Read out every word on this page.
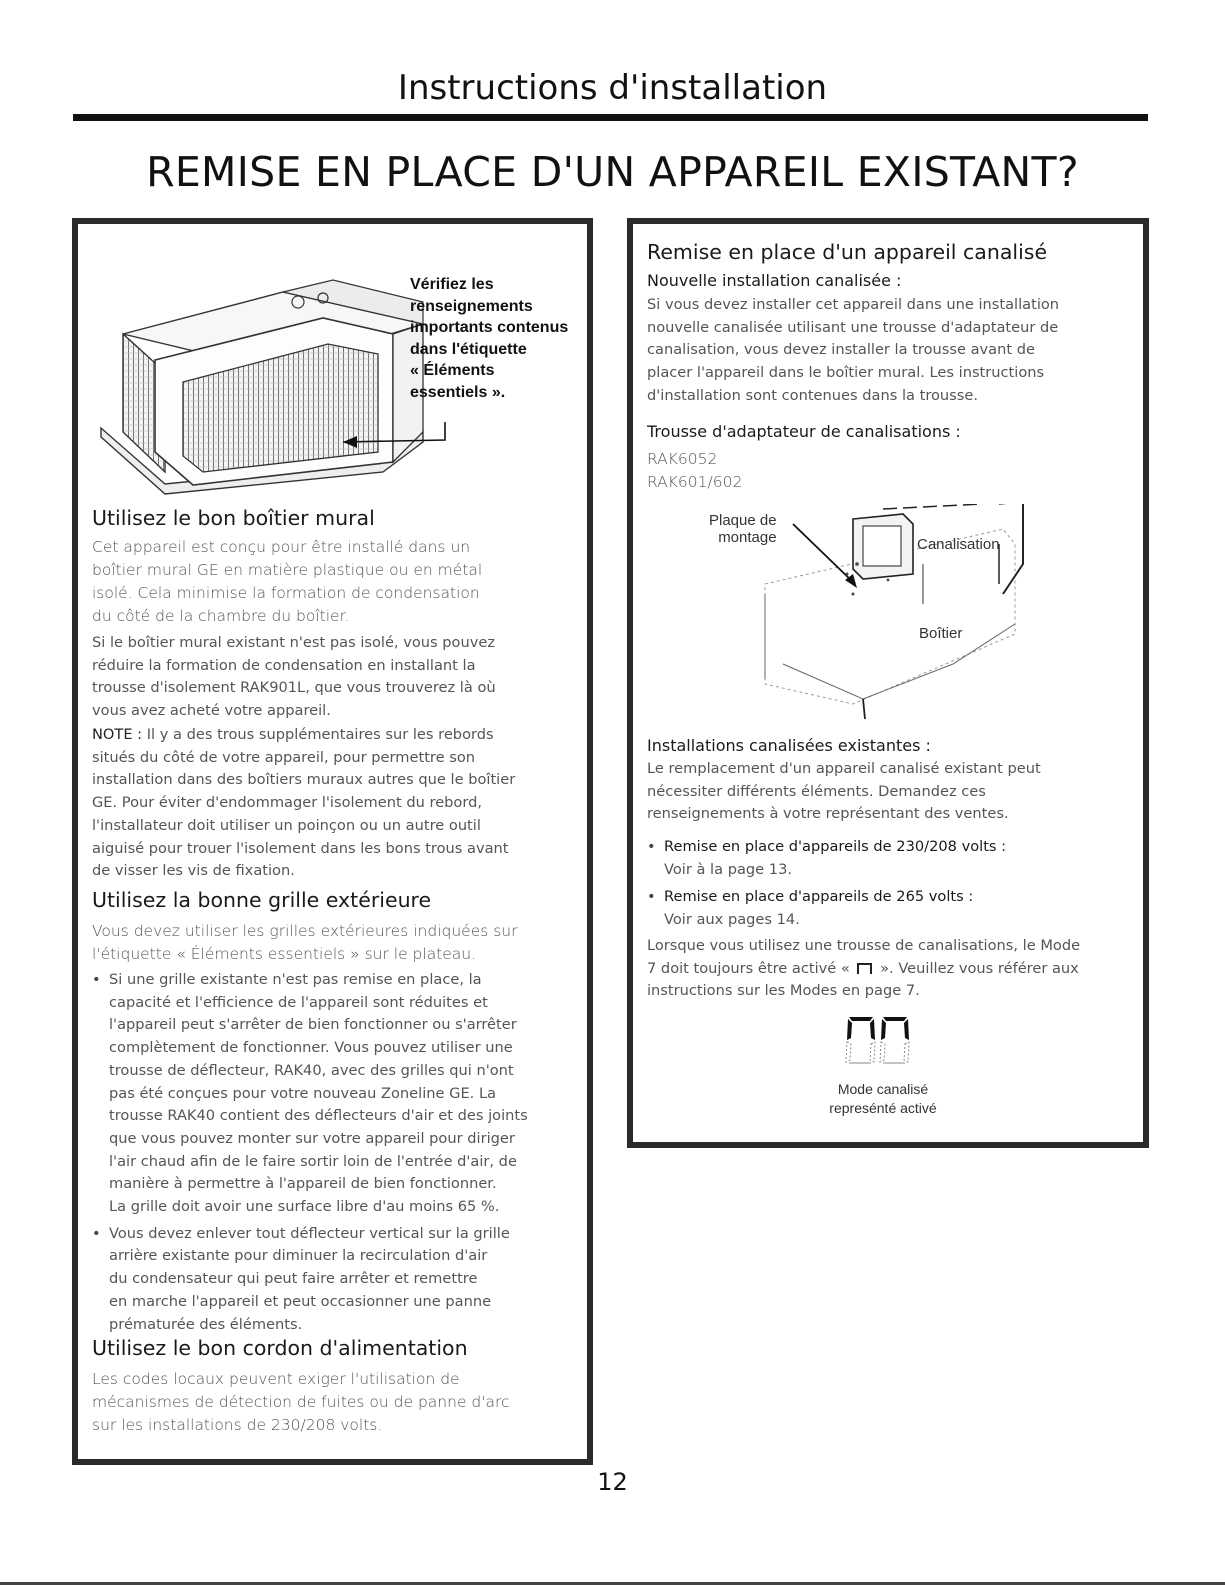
Instructions d'installation
REMISE EN PLACE D'UN APPAREIL EXISTANT?
Vérifiez les
renseignements
importants contenus
dans l'étiquette
« Éléments
essentiels ».
Utilisez le bon boîtier mural
Cet appareil est conçu pour être installé dans un
boîtier mural GE en matière plastique ou en métal
isolé. Cela minimise la formation de condensation
du côté de la chambre du boîtier.
Si le boîtier mural existant n'est pas isolé, vous pouvez
réduire la formation de condensation en installant la
trousse d'isolement RAK901L, que vous trouverez là où
vous avez acheté votre appareil.
NOTE : Il y a des trous supplémentaires sur les rebords
situés du côté de votre appareil, pour permettre son
installation dans des boîtiers muraux autres que le boîtier
GE. Pour éviter d'endommager l'isolement du rebord,
l'installateur doit utiliser un poinçon ou un autre outil
aiguisé pour trouer l'isolement dans les bons trous avant
de visser les vis de fixation.
Utilisez la bonne grille extérieure
Vous devez utiliser les grilles extérieures indiquées sur
l'étiquette « Éléments essentiels » sur le plateau.
• Si une grille existante n'est pas remise en place, la
capacité et l'efficience de l'appareil sont réduites et
l'appareil peut s'arrêter de bien fonctionner ou s'arrêter
complètement de fonctionner. Vous pouvez utiliser une
trousse de déflecteur, RAK40, avec des grilles qui n'ont
pas été conçues pour votre nouveau Zoneline GE. La
trousse RAK40 contient des déflecteurs d'air et des joints
que vous pouvez monter sur votre appareil pour diriger
l'air chaud afin de le faire sortir loin de l'entrée d'air, de
manière à permettre à l'appareil de bien fonctionner.
La grille doit avoir une surface libre d'au moins 65 %.
• Vous devez enlever tout déflecteur vertical sur la grille
arrière existante pour diminuer la recirculation d'air
du condensateur qui peut faire arrêter et remettre
en marche l'appareil et peut occasionner une panne
prématurée des éléments.
Utilisez le bon cordon d'alimentation
Les codes locaux peuvent exiger l'utilisation de
mécanismes de détection de fuites ou de panne d'arc
sur les installations de 230/208 volts.
Remise en place d'un appareil canalisé
Nouvelle installation canalisée :
Si vous devez installer cet appareil dans une installation
nouvelle canalisée utilisant une trousse d'adaptateur de
canalisation, vous devez installer la trousse avant de
placer l'appareil dans le boîtier mural. Les instructions
d'installation sont contenues dans la trousse.
Trousse d'adaptateur de canalisations :
RAK6052
RAK601/602
Plaque de
montage	Canalisation
Boîtier
Installations canalisées existantes :
Le remplacement d'un appareil canalisé existant peut
nécessiter différents éléments. Demandez ces
renseignements à votre représentant des ventes.
• Remise en place d'appareils de 230/208 volts :
Voir à la page 13.
• Remise en place d'appareils de 265 volts :
Voir aux pages 14.
Lorsque vous utilisez une trousse de canalisations, le Mode
7 doit toujours être activé « ». Veuillez vous référer aux
instructions sur les Modes en page 7.
Mode canalisé
represénté activé
12
